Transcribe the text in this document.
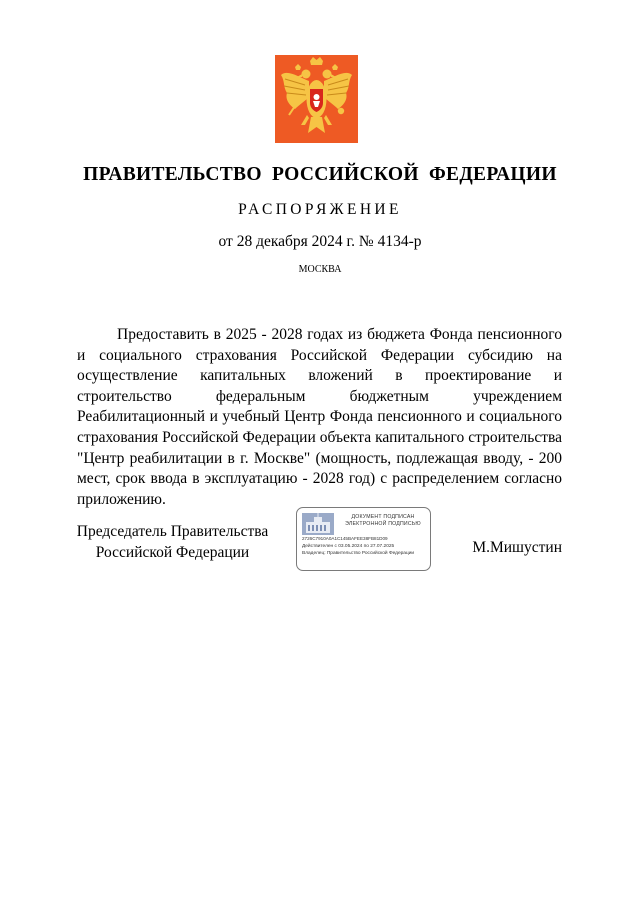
ПРАВИТЕЛЬСТВО РОССИЙСКОЙ ФЕДЕРАЦИИ
РАСПОРЯЖЕНИЕ
от 28 декабря 2024 г. № 4134-р
МОСКВА

Предоставить в 2025 - 2028 годах из бюджета Фонда пенсионного и социального страхования Российской Федерации субсидию на осуществление капитальных вложений в проектирование и строительство федеральным бюджетным учреждением Реабилитационный и учебный Центр Фонда пенсионного и социального страхования Российской Федерации объекта капитального строительства "Центр реабилитации в г. Москве" (мощность, подлежащая вводу, - 200 мест, срок ввода в эксплуатацию - 2028 год) с распределением согласно приложению.

Председатель Правительства
Российской Федерации
ДОКУМЕНТ ПОДПИСАН
ЭЛЕКТРОННОЙ ПОДПИСЬЮ
2726C7910A0A1C145BAFEE38FB81D09
Действителен с 03.05.2024 по 27.07.2025
Владелец: Правительство Российской Федерации	М.Мишустин
